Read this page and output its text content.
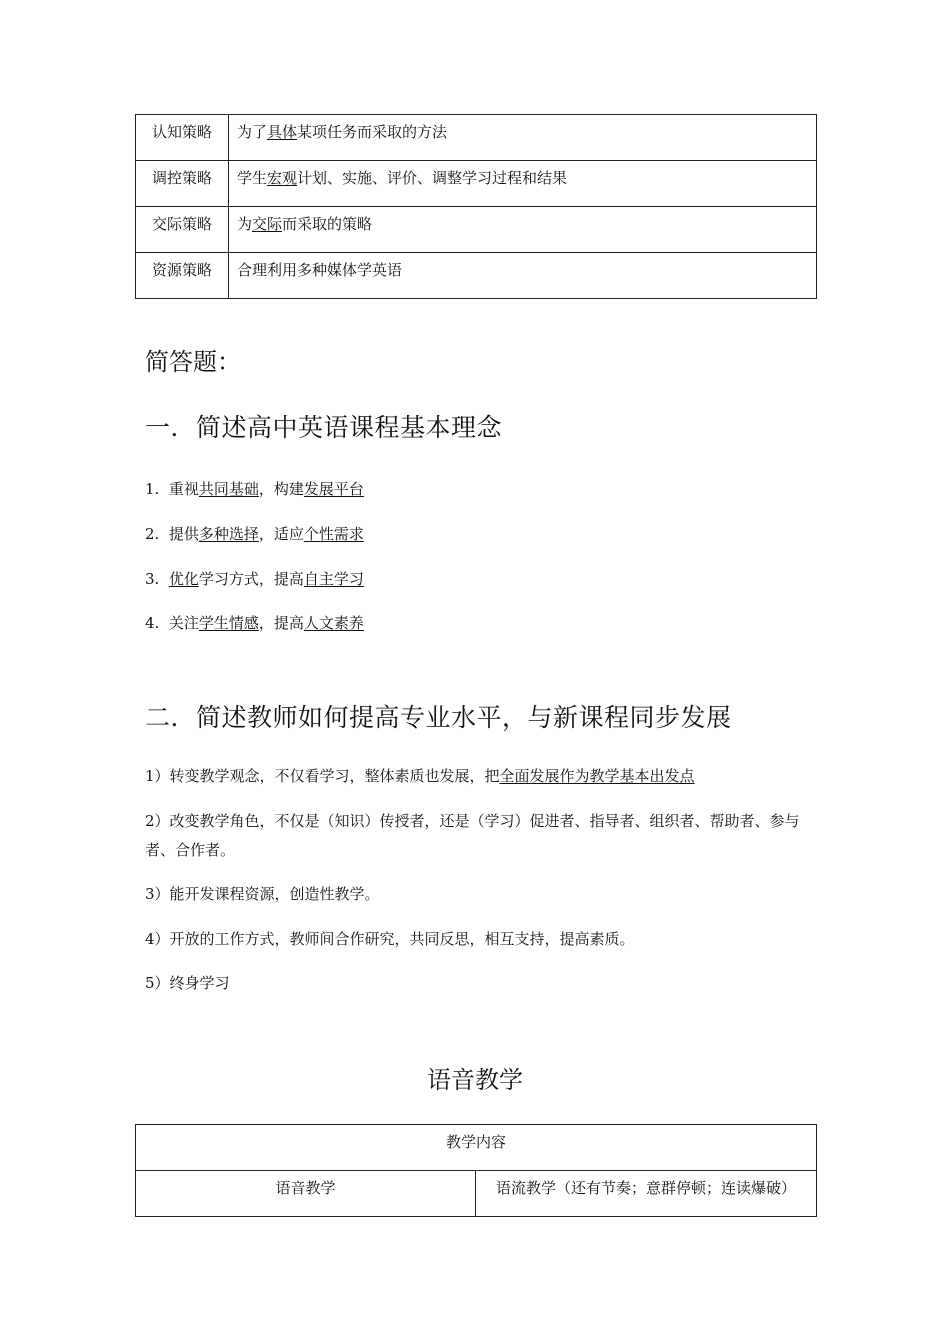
认知策略	为了具体某项任务而采取的方法
调控策略	学生宏观计划、实施、评价、调整学习过程和结果
交际策略	为交际而采取的策略
资源策略	合理利用多种媒体学英语
简答题：
一．简述高中英语课程基本理念
1. 重视共同基础，构建发展平台
2. 提供多种选择，适应个性需求
3. 优化学习方式，提高自主学习
4. 关注学生情感，提高人文素养
二．简述教师如何提高专业水平，与新课程同步发展
1）转变教学观念，不仅看学习，整体素质也发展，把全面发展作为教学基本出发点
2）改变教学角色，不仅是（知识）传授者，还是（学习）促进者、指导者、组织者、帮助者、参与者、合作者。
3）能开发课程资源，创造性教学。
4）开放的工作方式，教师间合作研究，共同反思，相互支持，提高素质。
5）终身学习
语音教学
教学内容
语音教学	语流教学（还有节奏；意群停顿；连读爆破）
